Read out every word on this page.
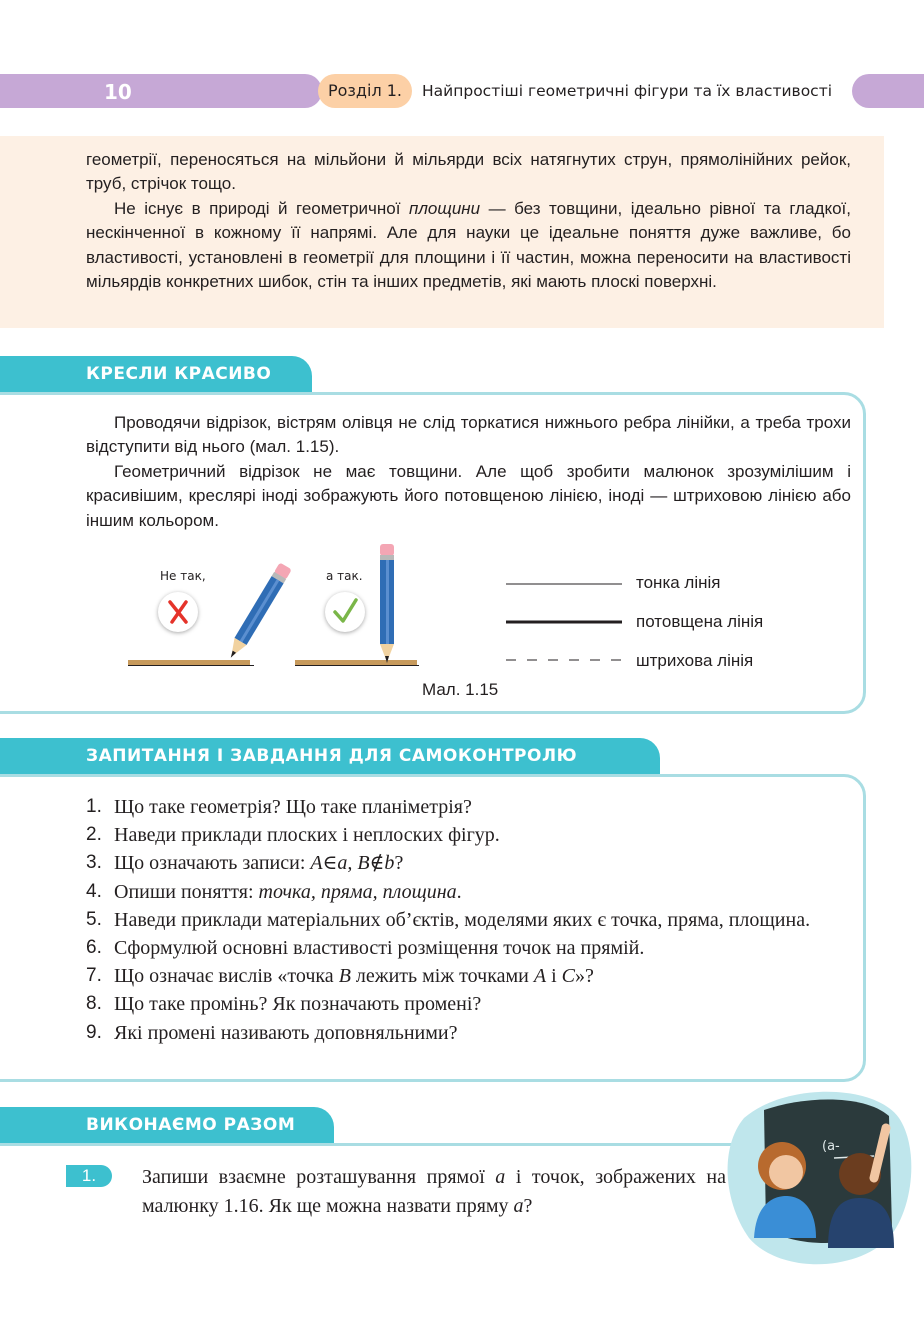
10	Розділ 1.	Найпростіші геометричні фігури та їх властивості

геометрії, переносяться на мільйони й мільярди всіх натягнутих струн, прямолінійних рейок, труб, стрічок тощо.

Не існує в природі й геометричної площини — без товщини, ідеально рівної та гладкої, нескінченної в кожному її напрямі. Але для науки це ідеальне поняття дуже важливе, бо властивості, установлені в геометрії для площини і її частин, можна переносити на властивості мільярдів конкретних шибок, стін та інших предметів, які мають плоскі поверхні.

КРЕСЛИ КРАСИВО

Проводячи відрізок, вістрям олівця не слід торкатися нижнього ребра лінійки, а треба трохи відступити від нього (мал. 1.15).

Геометричний відрізок не має товщини. Але щоб зробити малюнок зрозумілішим і красивішим, креслярі іноді зображують його потовщеною лінією, іноді — штриховою лінією або іншим кольором.

Не так,	а так.	тонка лінія
потовщена лінія
штрихова лінія
Мал. 1.15
ЗАПИТАННЯ І ЗАВДАННЯ ДЛЯ САМОКОНТРОЛЮ
1. Що таке геометрія? Що таке планіметрія?
2. Наведи приклади плоских і неплоских фігур.
3. Що означають записи: A∈a, B∉b?
4. Опиши поняття: точка, пряма, площина.
5. Наведи приклади матеріальних об’єктів, моделями яких є точка, пряма, площина.
6. Сформулюй основні властивості розміщення точок на прямій.
7. Що означає вислів «точка B лежить між точками A і C»?
8. Що таке промінь? Як позначають промені?
9. Які промені називають доповняльними?
ВИКОНАЄМО РАЗОМ
(a-
1.	Запиши взаємне розташування прямої a і точок, зображених на малюнку 1.16. Як ще можна назвати пряму a?
